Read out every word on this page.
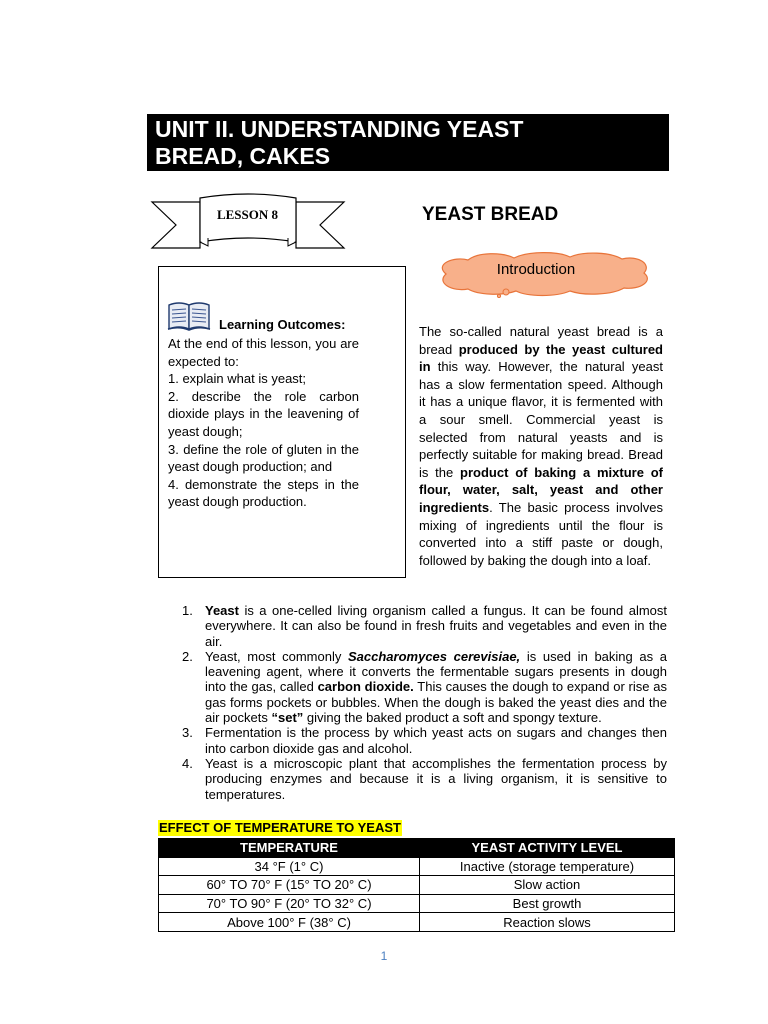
UNIT II. UNDERSTANDING YEAST
BREAD, CAKES
LESSON 8	YEAST BREAD
Introduction
Learning Outcomes:

At the end of this lesson, you are expected to:

1. explain what is yeast;

2. describe the role carbon dioxide plays in the leavening of yeast dough;

3. define the role of gluten in the yeast dough production; and

4. demonstrate the steps in the yeast dough production.

The so-called natural yeast bread is a bread produced by the yeast cultured in this way. However, the natural yeast has a slow fermentation speed. Although it has a unique flavor, it is fermented with a sour smell. Commercial yeast is selected from natural yeasts and is perfectly suitable for making bread. Bread is the product of baking a mixture of flour, water, salt, yeast and other ingredients. The basic process involves mixing of ingredients until the flour is converted into a stiff paste or dough, followed by baking the dough into a loaf.
1. Yeast is a one-celled living organism called a fungus. It can be found almost everywhere. It can also be found in fresh fruits and vegetables and even in the air.
2. Yeast, most commonly Saccharomyces cerevisiae, is used in baking as a leavening agent, where it converts the fermentable sugars presents in dough into the gas, called carbon dioxide. This causes the dough to expand or rise as gas forms pockets or bubbles. When the dough is baked the yeast dies and the air pockets “set” giving the baked product a soft and spongy texture.
3. Fermentation is the process by which yeast acts on sugars and changes then into carbon dioxide gas and alcohol.
4. Yeast is a microscopic plant that accomplishes the fermentation process by producing enzymes and because it is a living organism, it is sensitive to temperatures.
EFFECT OF TEMPERATURE TO YEAST
TEMPERATURE	YEAST ACTIVITY LEVEL
34 °F (1° C)	Inactive (storage temperature)
60° TO 70° F (15° TO 20° C)	Slow action
70° TO 90° F (20° TO 32° C)	Best growth
Above 100° F (38° C)	Reaction slows
1
